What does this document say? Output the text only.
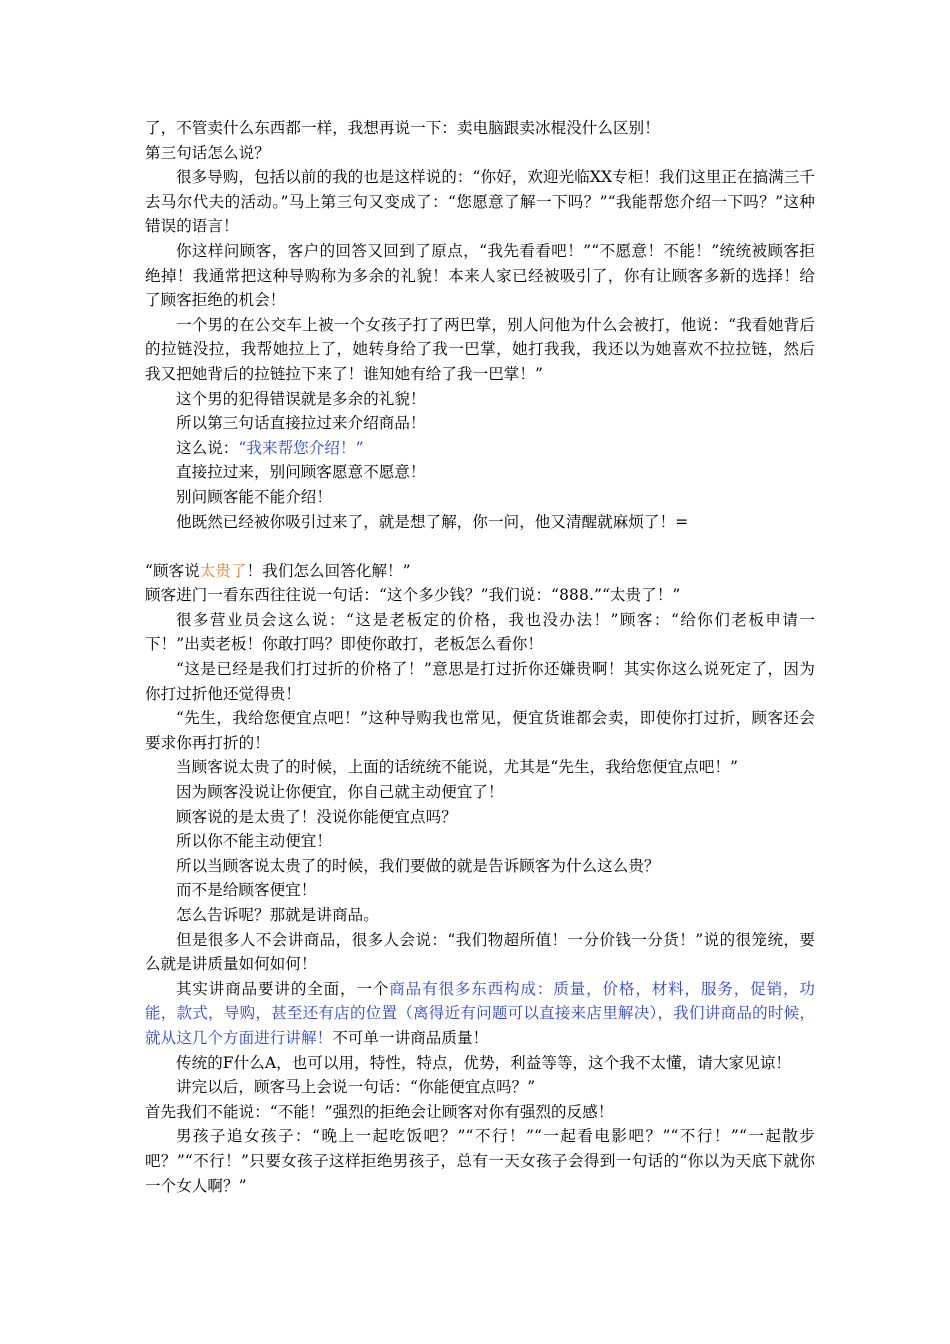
了，不管卖什么东西都一样，我想再说一下：卖电脑跟卖冰棍没什么区别！

第三句话怎么说？

很多导购，包括以前的我的也是这样说的：“你好，欢迎光临XX专柜！我们这里正在搞满三千去马尔代夫的活动。”马上第三句又变成了：“您愿意了解一下吗？”“我能帮您介绍一下吗？”这种错误的语言！

你这样问顾客，客户的回答又回到了原点，“我先看看吧！”“不愿意！不能！”统统被顾客拒绝掉！我通常把这种导购称为多余的礼貌！本来人家已经被吸引了，你有让顾客多新的选择！给了顾客拒绝的机会！

一个男的在公交车上被一个女孩子打了两巴掌，别人问他为什么会被打，他说：“我看她背后的拉链没拉，我帮她拉上了，她转身给了我一巴掌，她打我我，我还以为她喜欢不拉拉链，然后我又把她背后的拉链拉下来了！谁知她有给了我一巴掌！”

这个男的犯得错误就是多余的礼貌！

所以第三句话直接拉过来介绍商品！

这么说：“我来帮您介绍！”

直接拉过来，别问顾客愿意不愿意！

别问顾客能不能介绍！

他既然已经被你吸引过来了，就是想了解，你一问，他又清醒就麻烦了！=

“顾客说太贵了！我们怎么回答化解！”

顾客进门一看东西往往说一句话：“这个多少钱？”我们说：“888.”“太贵了！”

很多营业员会这么说：“这是老板定的价格，我也没办法！”顾客：“给你们老板申请一下！”出卖老板！你敢打吗？即使你敢打，老板怎么看你！

“这是已经是我们打过折的价格了！”意思是打过折你还嫌贵啊！其实你这么说死定了，因为你打过折他还觉得贵！

“先生，我给您便宜点吧！”这种导购我也常见，便宜货谁都会卖，即使你打过折，顾客还会要求你再打折的！

当顾客说太贵了的时候，上面的话统统不能说，尤其是“先生，我给您便宜点吧！”

因为顾客没说让你便宜，你自己就主动便宜了！

顾客说的是太贵了！没说你能便宜点吗？

所以你不能主动便宜！

所以当顾客说太贵了的时候，我们要做的就是告诉顾客为什么这么贵？

而不是给顾客便宜！

怎么告诉呢？那就是讲商品。

但是很多人不会讲商品，很多人会说：“我们物超所值！一分价钱一分货！”说的很笼统，要么就是讲质量如何如何！

其实讲商品要讲的全面，一个商品有很多东西构成：质量，价格，材料，服务，促销，功能，款式，导购，甚至还有店的位置（离得近有问题可以直接来店里解决），我们讲商品的时候，就从这几个方面进行讲解！不可单一讲商品质量！

传统的F什么A，也可以用，特性，特点，优势，利益等等，这个我不太懂，请大家见谅！

讲完以后，顾客马上会说一句话：“你能便宜点吗？”

首先我们不能说：“不能！”强烈的拒绝会让顾客对你有强烈的反感！

男孩子追女孩子：“晚上一起吃饭吧？”“不行！”“一起看电影吧？”“不行！”“一起散步吧？”“不行！”只要女孩子这样拒绝男孩子，总有一天女孩子会得到一句话的“你以为天底下就你一个女人啊？”
